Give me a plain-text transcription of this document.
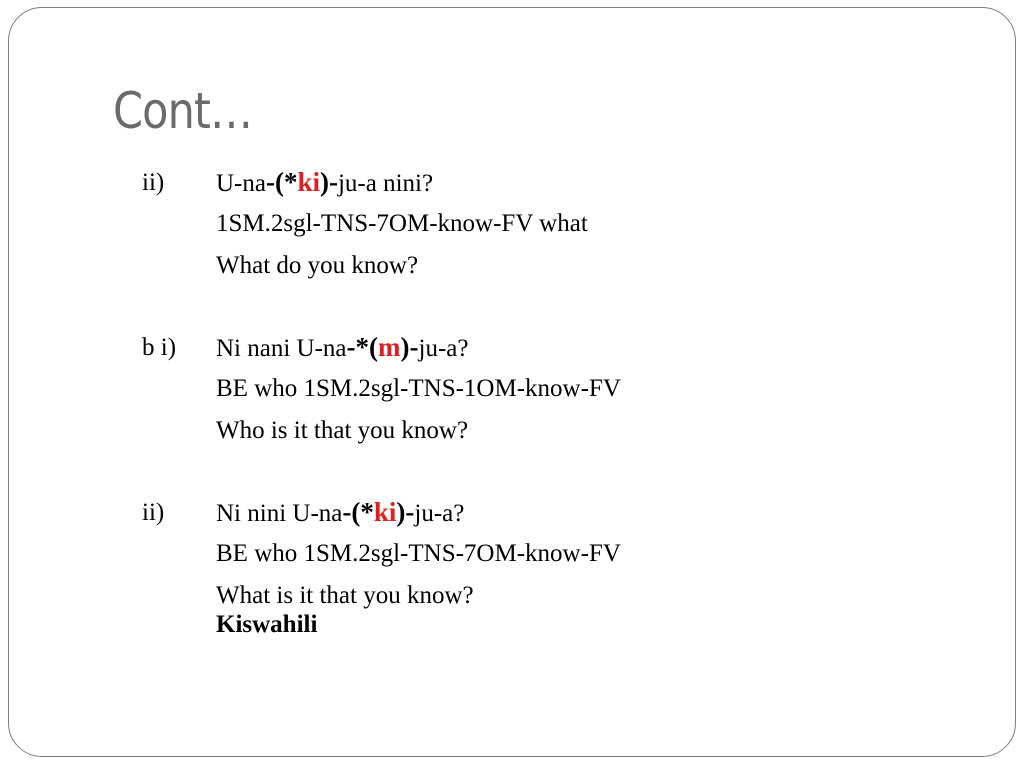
Cont…
ii) U-na-(*ki)-ju-a nini?
1SM.2sgl-TNS-7OM-know-FV what
What do you know?
b i) Ni nani U-na-*(m)-ju-a?
BE who 1SM.2sgl-TNS-1OM-know-FV
Who is it that you know?
ii) Ni nini U-na-(*ki)-ju-a?
BE who 1SM.2sgl-TNS-7OM-know-FV
What is it that you know?
Kiswahili
